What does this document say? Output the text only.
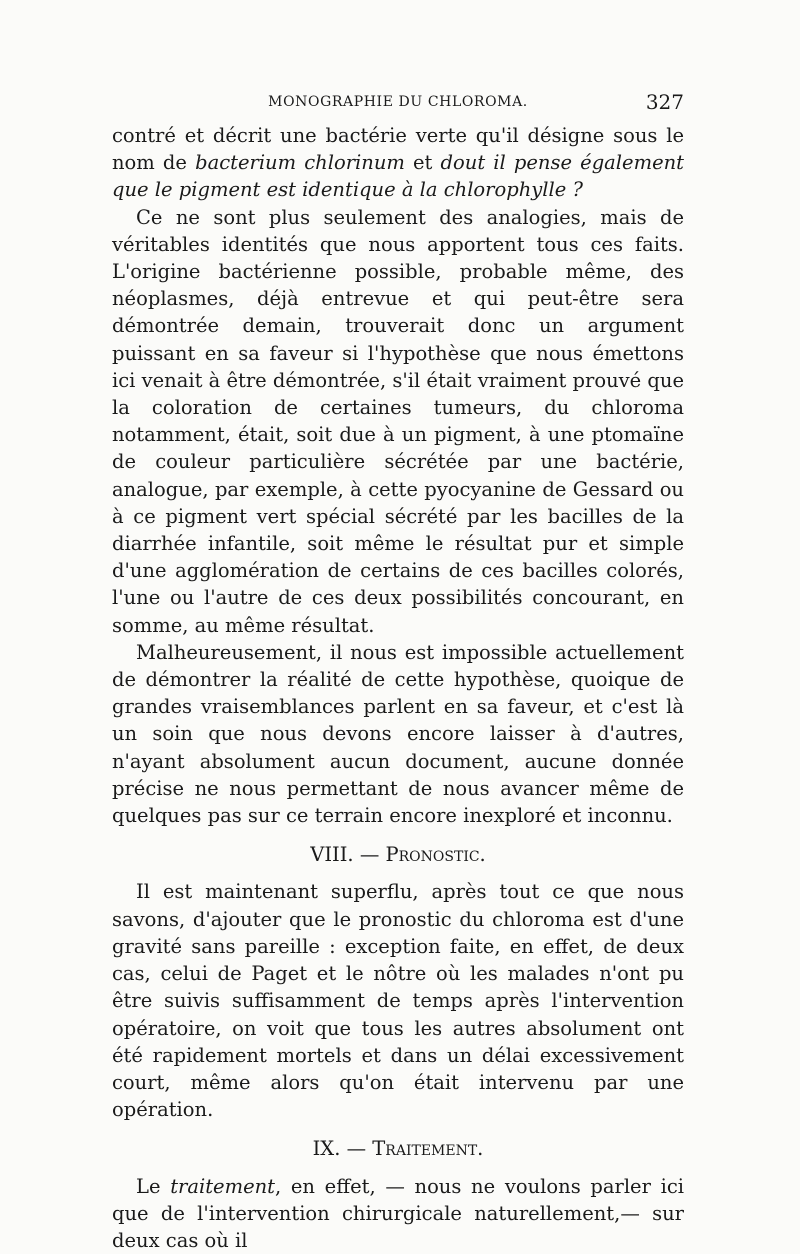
MONOGRAPHIE DU CHLOROMA.	327

contré et décrit une bactérie verte qu'il désigne sous le nom de bacterium chlorinum et dout il pense également que le pigment est identique à la chlorophylle ?

Ce ne sont plus seulement des analogies, mais de véritables identités que nous apportent tous ces faits. L'origine bactérienne possible, probable même, des néoplasmes, déjà entrevue et qui peut-être sera démontrée demain, trouverait donc un argument puissant en sa faveur si l'hypothèse que nous émettons ici venait à être démontrée, s'il était vraiment prouvé que la coloration de certaines tumeurs, du chloroma notamment, était, soit due à un pigment, à une ptomaïne de couleur particulière sécrétée par une bactérie, analogue, par exemple, à cette pyocyanine de Gessard ou à ce pigment vert spécial sécrété par les bacilles de la diarrhée infantile, soit même le résultat pur et simple d'une agglomération de certains de ces bacilles colorés, l'une ou l'autre de ces deux possibilités concourant, en somme, au même résultat.

Malheureusement, il nous est impossible actuellement de démontrer la réalité de cette hypothèse, quoique de grandes vraisemblances parlent en sa faveur, et c'est là un soin que nous devons encore laisser à d'autres, n'ayant absolument aucun document, aucune donnée précise ne nous permettant de nous avancer même de quelques pas sur ce terrain encore inexploré et inconnu.

VIII. — Pronostic.

Il est maintenant superflu, après tout ce que nous savons, d'ajouter que le pronostic du chloroma est d'une gravité sans pareille : exception faite, en effet, de deux cas, celui de Paget et le nôtre où les malades n'ont pu être suivis suffisamment de temps après l'intervention opératoire, on voit que tous les autres absolument ont été rapidement mortels et dans un délai excessivement court, même alors qu'on était intervenu par une opération.

IX. — Traitement.

Le traitement, en effet, — nous ne voulons parler ici que de l'intervention chirurgicale naturellement,— sur deux cas où il
